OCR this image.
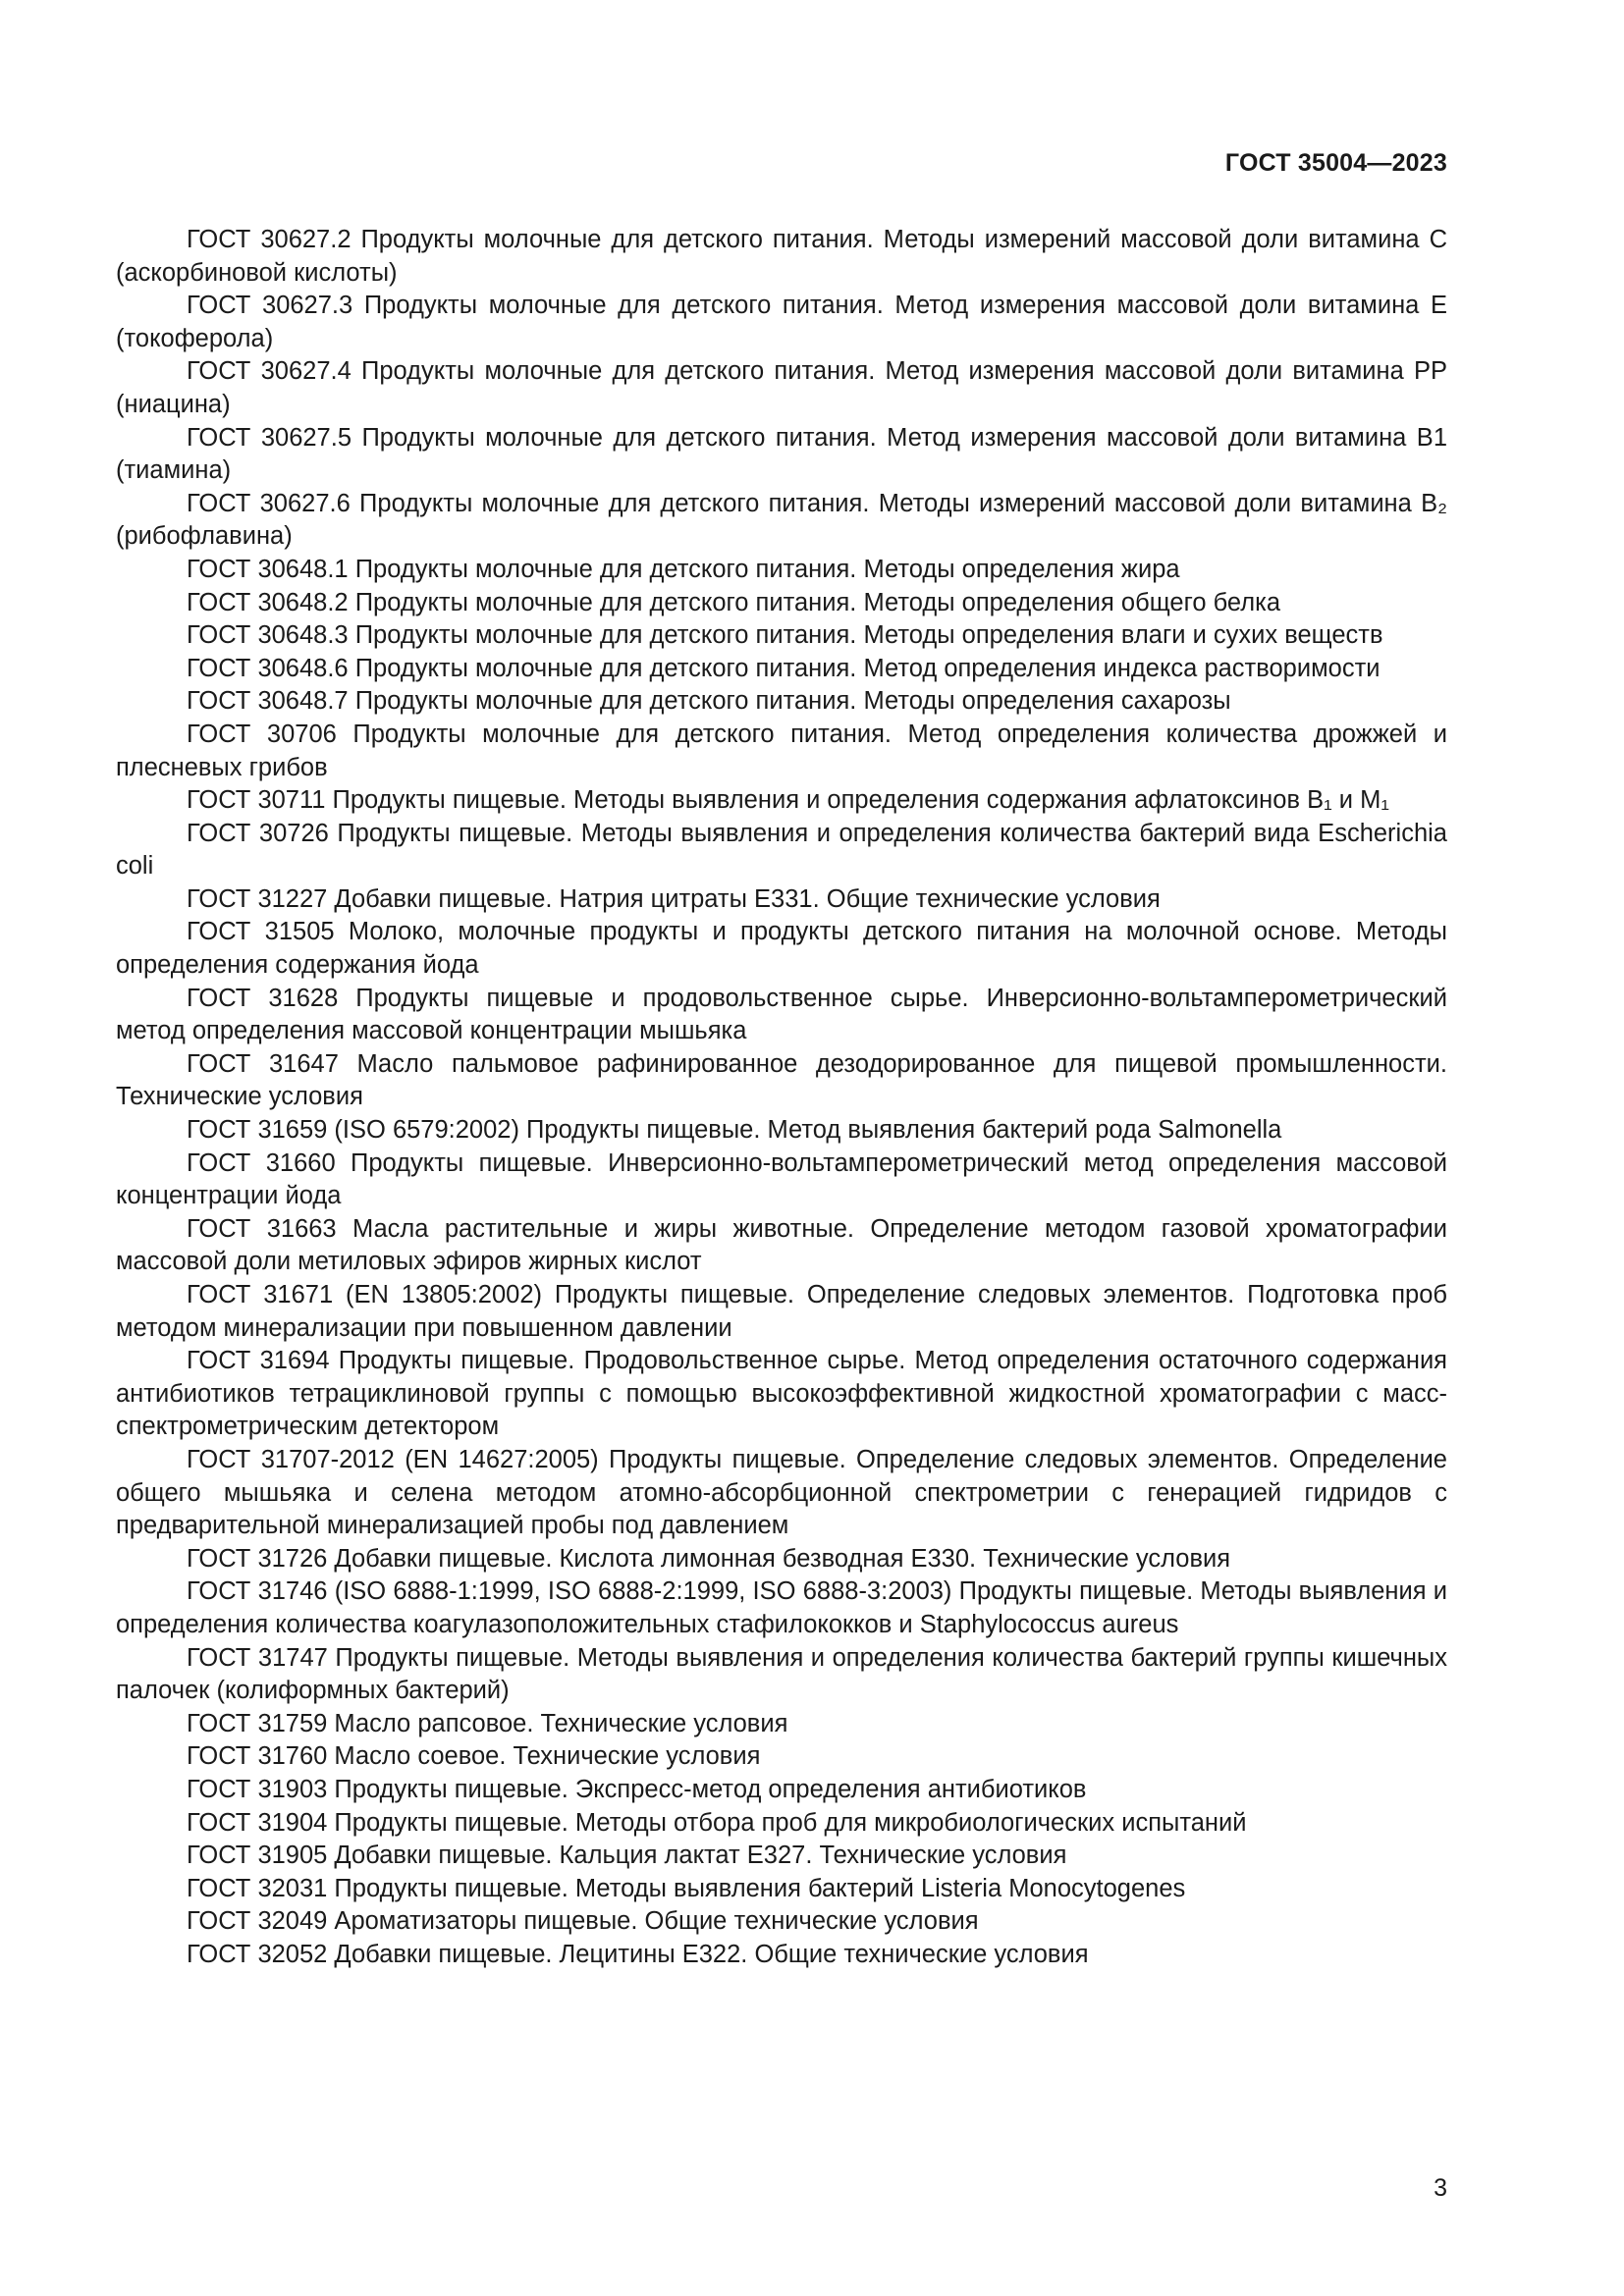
ГОСТ 35004—2023

ГОСТ 30627.2 Продукты молочные для детского питания. Методы измерений массовой доли витамина C (аскорбиновой кислоты)

ГОСТ 30627.3 Продукты молочные для детского питания. Метод измерения массовой доли витамина E (токоферола)

ГОСТ 30627.4 Продукты молочные для детского питания. Метод измерения массовой доли витамина PP (ниацина)

ГОСТ 30627.5 Продукты молочные для детского питания. Метод измерения массовой доли витамина B1 (тиамина)

ГОСТ 30627.6 Продукты молочные для детского питания. Методы измерений массовой доли витамина B₂ (рибофлавина)

ГОСТ 30648.1 Продукты молочные для детского питания. Методы определения жира

ГОСТ 30648.2 Продукты молочные для детского питания. Методы определения общего белка

ГОСТ 30648.3 Продукты молочные для детского питания. Методы определения влаги и сухих веществ

ГОСТ 30648.6 Продукты молочные для детского питания. Метод определения индекса растворимости

ГОСТ 30648.7 Продукты молочные для детского питания. Методы определения сахарозы

ГОСТ 30706 Продукты молочные для детского питания. Метод определения количества дрожжей и плесневых грибов

ГОСТ 30711 Продукты пищевые. Методы выявления и определения содержания афлатоксинов B₁ и M₁

ГОСТ 30726 Продукты пищевые. Методы выявления и определения количества бактерий вида Escherichia coli

ГОСТ 31227 Добавки пищевые. Натрия цитраты E331. Общие технические условия

ГОСТ 31505 Молоко, молочные продукты и продукты детского питания на молочной основе. Методы определения содержания йода

ГОСТ 31628 Продукты пищевые и продовольственное сырье. Инверсионно-вольтамперометрический метод определения массовой концентрации мышьяка

ГОСТ 31647 Масло пальмовое рафинированное дезодорированное для пищевой промышленности. Технические условия

ГОСТ 31659 (ISO 6579:2002) Продукты пищевые. Метод выявления бактерий рода Salmonella

ГОСТ 31660 Продукты пищевые. Инверсионно-вольтамперометрический метод определения массовой концентрации йода

ГОСТ 31663 Масла растительные и жиры животные. Определение методом газовой хроматографии массовой доли метиловых эфиров жирных кислот

ГОСТ 31671 (EN 13805:2002) Продукты пищевые. Определение следовых элементов. Подготовка проб методом минерализации при повышенном давлении

ГОСТ 31694 Продукты пищевые. Продовольственное сырье. Метод определения остаточного содержания антибиотиков тетрациклиновой группы с помощью высокоэффективной жидкостной хроматографии с масс-спектрометрическим детектором

ГОСТ 31707-2012 (EN 14627:2005) Продукты пищевые. Определение следовых элементов. Определение общего мышьяка и селена методом атомно-абсорбционной спектрометрии с генерацией гидридов с предварительной минерализацией пробы под давлением

ГОСТ 31726 Добавки пищевые. Кислота лимонная безводная E330. Технические условия

ГОСТ 31746 (ISO 6888-1:1999, ISO 6888-2:1999, ISO 6888-3:2003) Продукты пищевые. Методы выявления и определения количества коагулазоположительных стафилококков и Staphylococcus aureus

ГОСТ 31747 Продукты пищевые. Методы выявления и определения количества бактерий группы кишечных палочек (колиформных бактерий)

ГОСТ 31759 Масло рапсовое. Технические условия

ГОСТ 31760 Масло соевое. Технические условия

ГОСТ 31903 Продукты пищевые. Экспресс-метод определения антибиотиков

ГОСТ 31904 Продукты пищевые. Методы отбора проб для микробиологических испытаний

ГОСТ 31905 Добавки пищевые. Кальция лактат E327. Технические условия

ГОСТ 32031 Продукты пищевые. Методы выявления бактерий Listeria Monocytogenes

ГОСТ 32049 Ароматизаторы пищевые. Общие технические условия

ГОСТ 32052 Добавки пищевые. Лецитины E322. Общие технические условия

3
